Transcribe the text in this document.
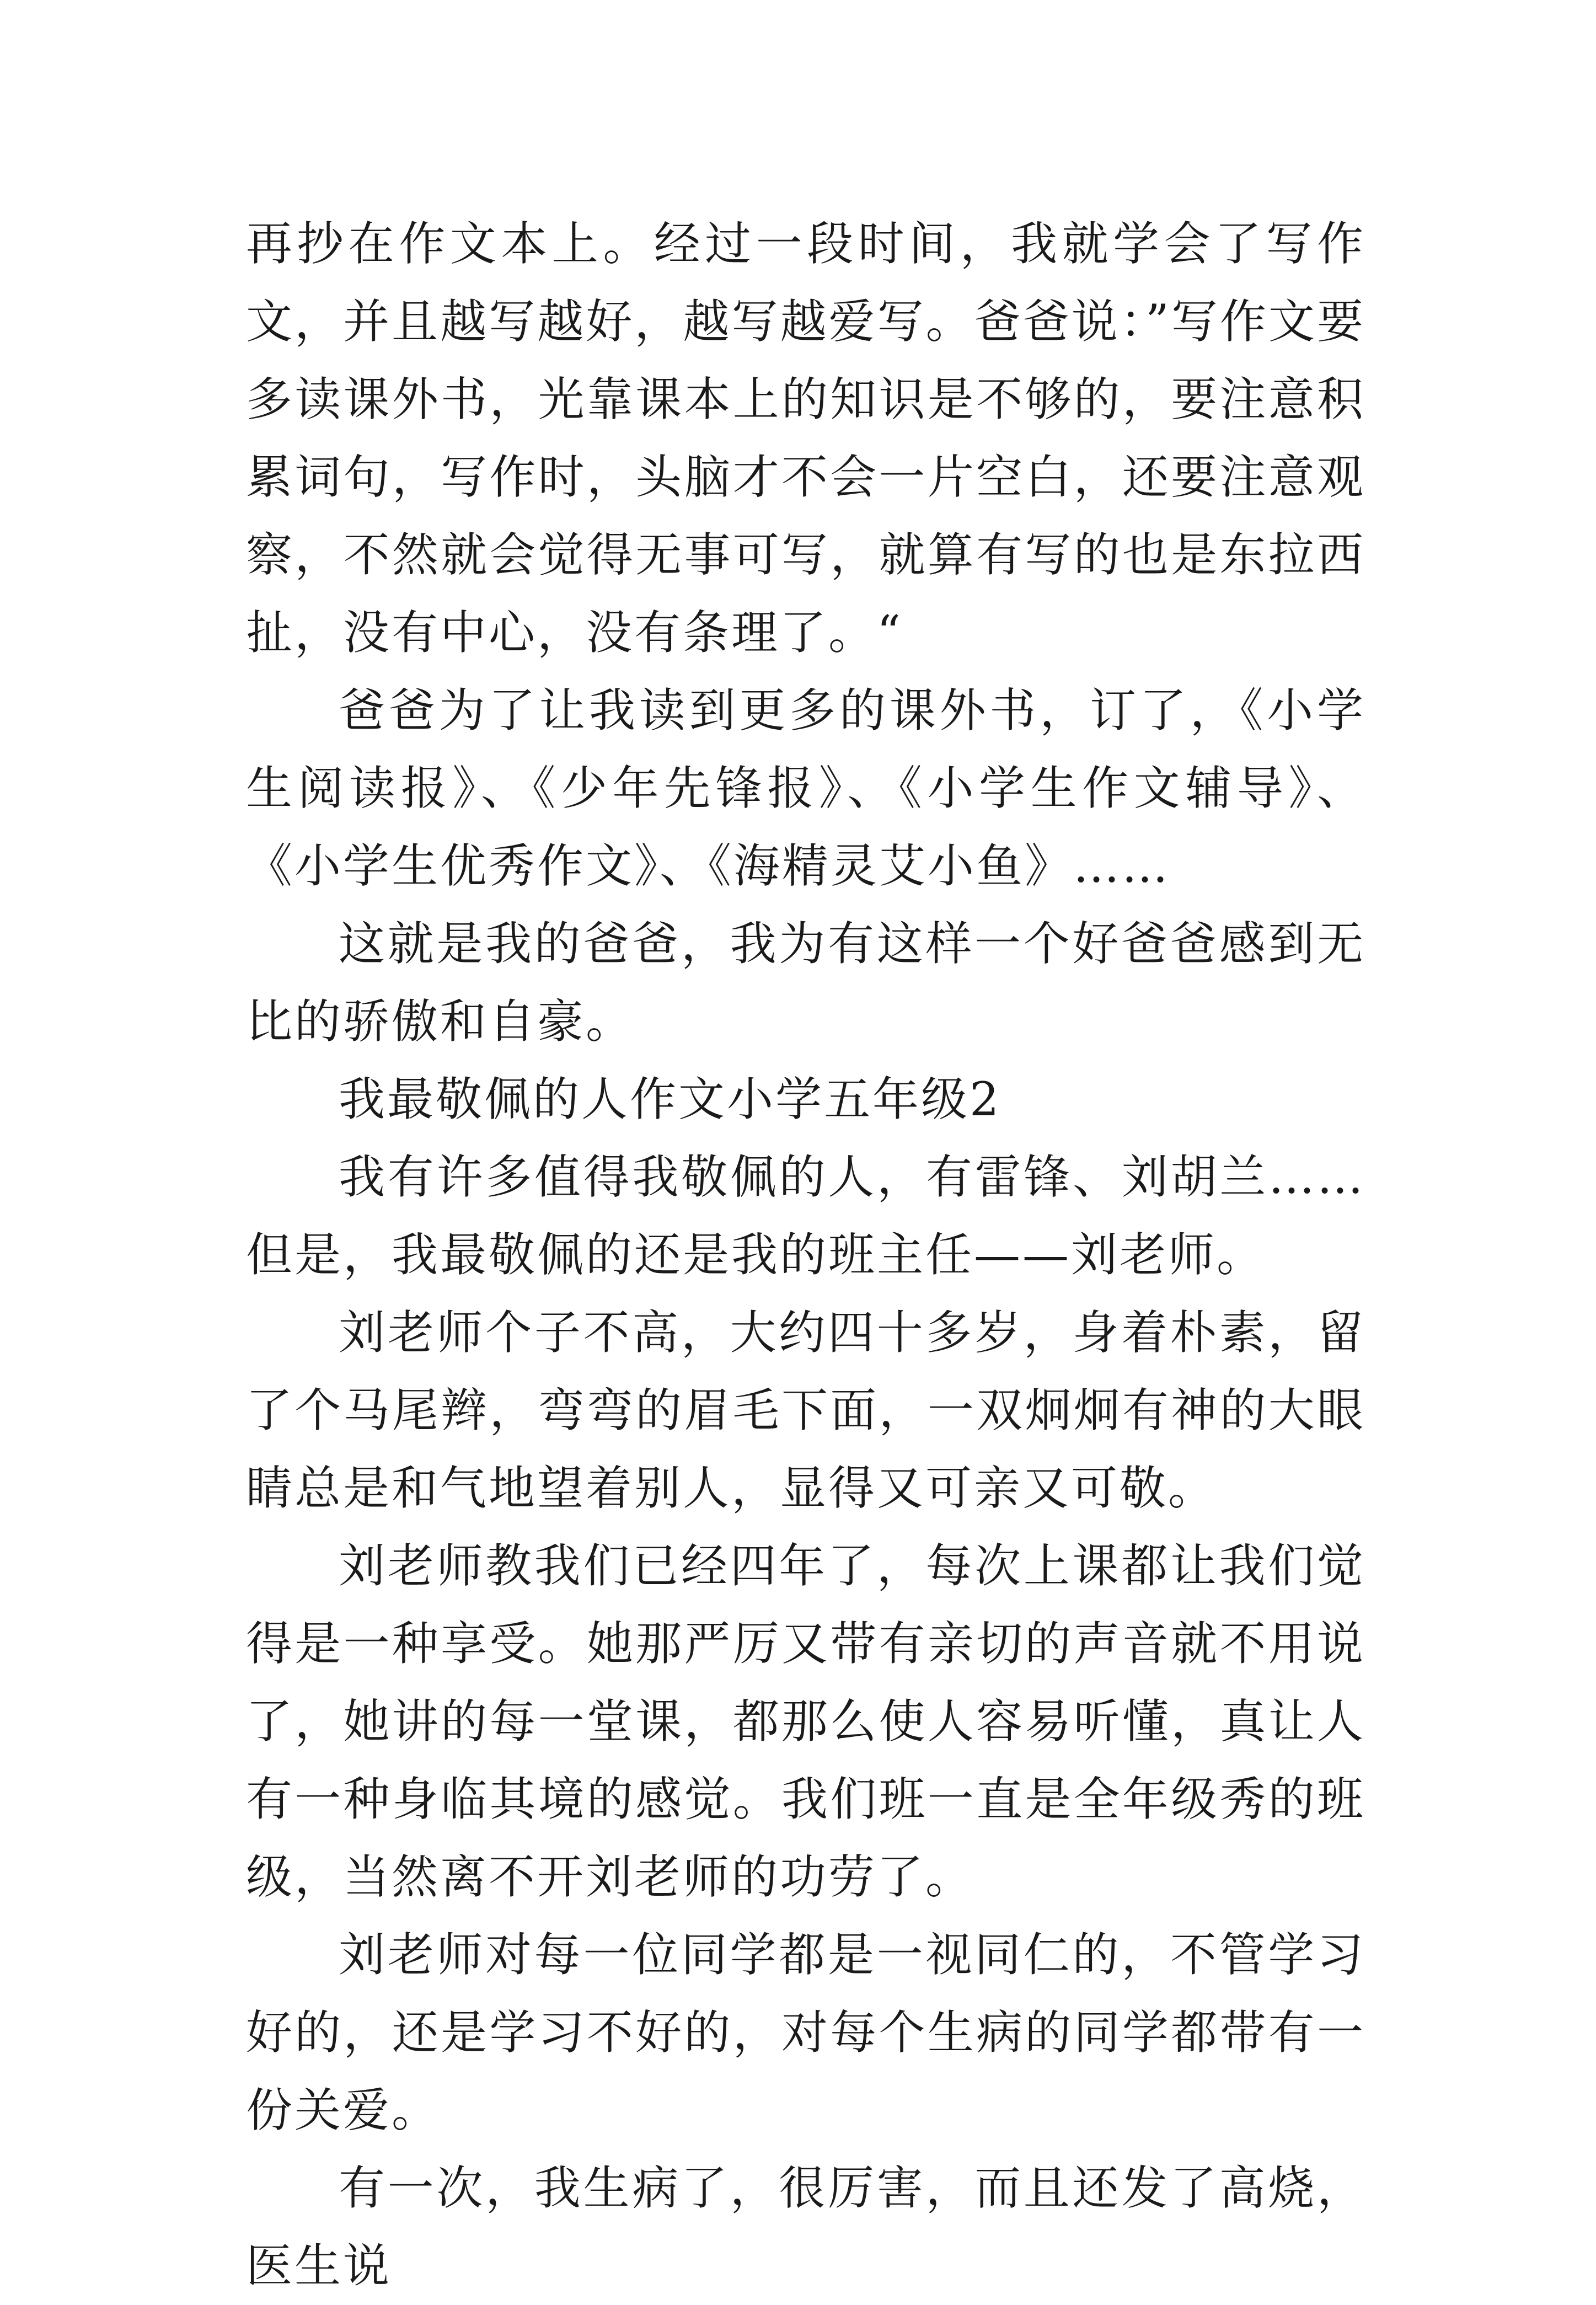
再抄在作文本上。经过一段时间，我就学会了写作文，并且越写越好，越写越爱写。爸爸说：”写作文要多读课外书，光靠课本上的知识是不够的，要注意积累词句，写作时，头脑才不会一片空白，还要注意观察，不然就会觉得无事可写，就算有写的也是东拉西扯，没有中心，没有条理了。“

爸爸为了让我读到更多的课外书，订了，《小学生阅读报》、《少年先锋报》、《小学生作文辅导》、《小学生优秀作文》、《海精灵艾小鱼》……

这就是我的爸爸，我为有这样一个好爸爸感到无比的骄傲和自豪。

我最敬佩的人作文小学五年级2

我有许多值得我敬佩的人，有雷锋、刘胡兰……但是，我最敬佩的还是我的班主任——刘老师。

刘老师个子不高，大约四十多岁，身着朴素，留了个马尾辫，弯弯的眉毛下面，一双炯炯有神的大眼睛总是和气地望着别人，显得又可亲又可敬。

刘老师教我们已经四年了，每次上课都让我们觉得是一种享受。她那严厉又带有亲切的声音就不用说了，她讲的每一堂课，都那么使人容易听懂，真让人有一种身临其境的感觉。我们班一直是全年级秀的班级，当然离不开刘老师的功劳了。

刘老师对每一位同学都是一视同仁的，不管学习好的，还是学习不好的，对每个生病的同学都带有一份关爱。

有一次，我生病了，很厉害，而且还发了高烧，医生说
